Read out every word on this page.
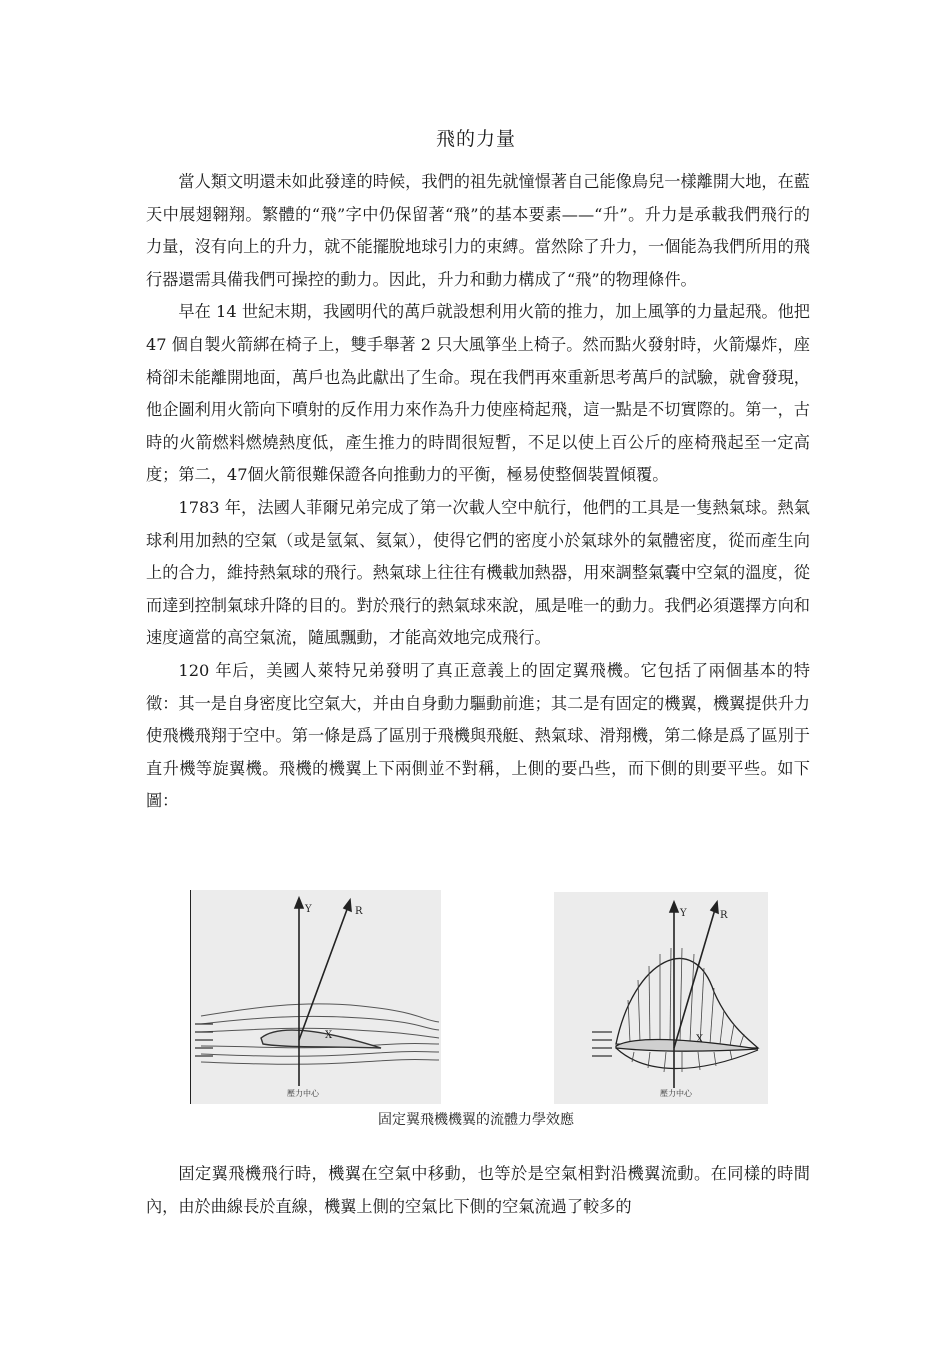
飛的力量

當人類文明還未如此發達的時候，我們的祖先就憧憬著自己能像鳥兒一樣離開大地，在藍天中展翅翱翔。繁體的“飛”字中仍保留著“飛”的基本要素——“升”。升力是承載我們飛行的力量，沒有向上的升力，就不能擺脫地球引力的束縛。當然除了升力，一個能為我們所用的飛行器還需具備我們可操控的動力。因此，升力和動力構成了“飛”的物理條件。

早在 14 世紀末期，我國明代的萬戶就設想利用火箭的推力，加上風箏的力量起飛。他把 47 個自製火箭綁在椅子上，雙手舉著 2 只大風箏坐上椅子。然而點火發射時，火箭爆炸，座椅卻未能離開地面，萬戶也為此獻出了生命。現在我們再來重新思考萬戶的試驗，就會發現，他企圖利用火箭向下噴射的反作用力來作為升力使座椅起飛，這一點是不切實際的。第一，古時的火箭燃料燃燒熱度低，產生推力的時間很短暫，不足以使上百公斤的座椅飛起至一定高度；第二，47個火箭很難保證各向推動力的平衡，極易使整個裝置傾覆。

1783 年，法國人菲爾兄弟完成了第一次載人空中航行，他們的工具是一隻熱氣球。熱氣球利用加熱的空氣（或是氫氣、氦氣），使得它們的密度小於氣球外的氣體密度，從而產生向上的合力，維持熱氣球的飛行。熱氣球上往往有機載加熱器，用來調整氣囊中空氣的溫度，從而達到控制氣球升降的目的。對於飛行的熱氣球來說，風是唯一的動力。我們必須選擇方向和速度適當的高空氣流，隨風飄動，才能高效地完成飛行。

120 年后，美國人萊特兄弟發明了真正意義上的固定翼飛機。它包括了兩個基本的特徵：其一是自身密度比空氣大，并由自身動力驅動前進；其二是有固定的機翼，機翼提供升力使飛機飛翔于空中。第一條是爲了區別于飛機與飛艇、熱氣球、滑翔機，第二條是爲了區別于直升機等旋翼機。飛機的機翼上下兩側並不對稱，上側的要凸些，而下側的則要平些。如下圖：

Y	R
X
壓力中心
Y	R
X
壓力中心
固定翼飛機機翼的流體力學效應

固定翼飛機飛行時，機翼在空氣中移動，也等於是空氣相對沿機翼流動。在同樣的時間內，由於曲線長於直線，機翼上側的空氣比下側的空氣流過了較多的
